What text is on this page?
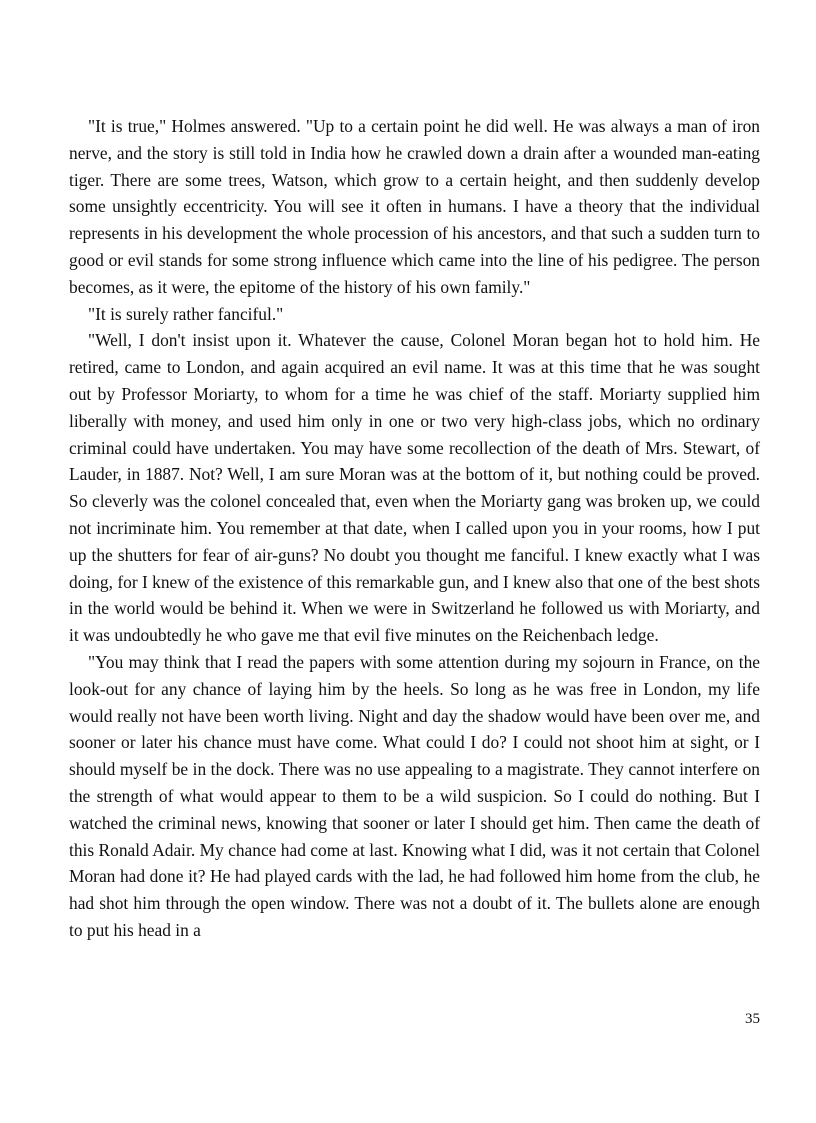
"It is true," Holmes answered. "Up to a certain point he did well. He was always a man of iron nerve, and the story is still told in India how he crawled down a drain after a wounded man-eating tiger. There are some trees, Watson, which grow to a certain height, and then suddenly develop some unsightly eccentricity. You will see it often in humans. I have a theory that the individual represents in his development the whole procession of his ancestors, and that such a sudden turn to good or evil stands for some strong influence which came into the line of his pedigree. The person becomes, as it were, the epitome of the history of his own family."

"It is surely rather fanciful."

"Well, I don't insist upon it. Whatever the cause, Colonel Moran began hot to hold him. He retired, came to London, and again acquired an evil name. It was at this time that he was sought out by Professor Moriarty, to whom for a time he was chief of the staff. Moriarty supplied him liberally with money, and used him only in one or two very high-class jobs, which no ordinary criminal could have undertaken. You may have some recollection of the death of Mrs. Stewart, of Lauder, in 1887. Not? Well, I am sure Moran was at the bottom of it, but nothing could be proved. So cleverly was the colonel concealed that, even when the Moriarty gang was broken up, we could not incriminate him. You remember at that date, when I called upon you in your rooms, how I put up the shutters for fear of air-guns? No doubt you thought me fanciful. I knew exactly what I was doing, for I knew of the existence of this remarkable gun, and I knew also that one of the best shots in the world would be behind it. When we were in Switzerland he followed us with Moriarty, and it was undoubtedly he who gave me that evil five minutes on the Reichenbach ledge.

"You may think that I read the papers with some attention during my sojourn in France, on the look-out for any chance of laying him by the heels. So long as he was free in London, my life would really not have been worth living. Night and day the shadow would have been over me, and sooner or later his chance must have come. What could I do? I could not shoot him at sight, or I should myself be in the dock. There was no use appealing to a magistrate. They cannot interfere on the strength of what would appear to them to be a wild suspicion. So I could do nothing. But I watched the criminal news, knowing that sooner or later I should get him. Then came the death of this Ronald Adair. My chance had come at last. Knowing what I did, was it not certain that Colonel Moran had done it? He had played cards with the lad, he had followed him home from the club, he had shot him through the open window. There was not a doubt of it. The bullets alone are enough to put his head in a

35
